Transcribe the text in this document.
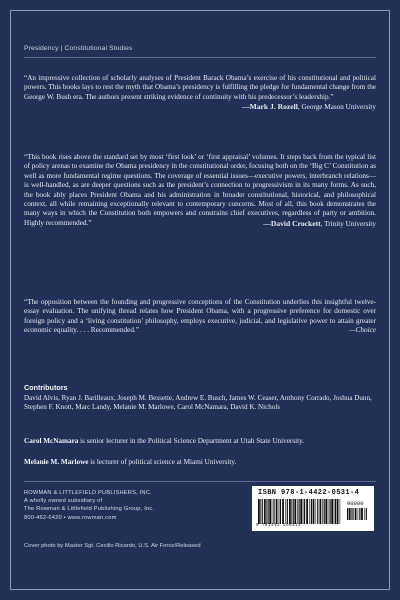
Presidency | Constitutional Studies

“An impressive collection of scholarly analyses of President Barack Obama’s exercise of his constitutional and political powers. This books lays to rest the myth that Obama’s presidency is fulfilling the pledge for fundamental change from the George W. Bush era. The authors present striking evidence of continuity with his predecessor’s leadership.”

—Mark J. Rozell, George Mason University

“This book rises above the standard set by most ‘first look’ or ‘first appraisal’ volumes. It steps back from the typical list of policy arenas to examine the Obama presidency in the constitutional order, focusing both on the ‘Big C’ Constitution as well as more fundamental regime questions. The coverage of essential issues—executive powers, interbranch relations—is well-handled, as are deeper questions such as the president’s connection to progressivism in its many forms. As such, the book ably places President Obama and his administration in broader constitutional, historical, and philosophical context, all while remaining exceptionally relevant to contemporary concerns. Most of all, this book demonstrates the many ways in which the Constitution both empowers and constrains chief executives, regardless of party or ambition. Highly recommended.”	—David Crockett, Trinity University

“The opposition between the founding and progressive conceptions of the Constitution underlies this insightful twelve-essay evaluation. The unifying thread relates how President Obama, with a progressive preference for domestic over foreign policy and a ‘living constitution’ philosophy, employs executive, judicial, and legislative power to attain greater economic equality. . . . Recommended.”	—Choice

Contributors
David Alvis, Ryan J. Barilleaux, Joseph M. Bessette, Andrew E. Busch, James W. Ceaser, Anthony Corrado, Joshua Dunn, Stephen F. Knott, Marc Landy, Melanie M. Marlowe, Carol McNamara, David K. Nichols
Carol McNamara is senior lecturer in the Political Science Department at Utah State University.
Melanie M. Marlowe is lecturer of political science at Miami University.
ROWMAN & LITTLEFIELD PUBLISHERS, INC.
A wholly owned subsidiary of
The Rowman & Littlefield Publishing Group, Inc.
800-462-6420 • www.rowman.com
ISBN 978-1-4422-0531-4
90000
9 781442 205314
Cover photo by Master Sgt. Cecilio Ricardo, U.S. Air Force/Released
